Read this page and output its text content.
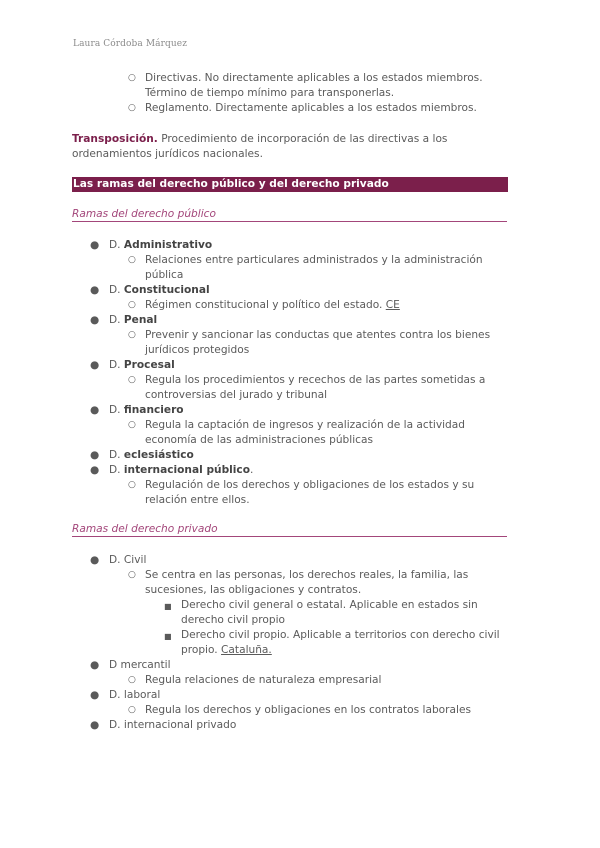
Laura Córdoba Márquez
○ Directivas. No directamente aplicables a los estados miembros.
Término de tiempo mínimo para transponerlas.
○ Reglamento. Directamente aplicables a los estados miembros.
Transposición. Procedimiento de incorporación de las directivas a los
ordenamientos jurídicos nacionales.
Las ramas del derecho público y del derecho privado
Ramas del derecho público
● D. Administrativo
○ Relaciones entre particulares administrados y la administración
pública
● D. Constitucional
○ Régimen constitucional y político del estado. CE
● D. Penal
○ Prevenir y sancionar las conductas que atentes contra los bienes
jurídicos protegidos
● D. Procesal
○ Regula los procedimientos y recechos de las partes sometidas a
controversias del jurado y tribunal
● D. financiero
○ Regula la captación de ingresos y realización de la actividad
economía de las administraciones públicas
● D. eclesiástico
● D. internacional público.
○ Regulación de los derechos y obligaciones de los estados y su
relación entre ellos.
Ramas del derecho privado
● D. Civil
○ Se centra en las personas, los derechos reales, la familia, las
sucesiones, las obligaciones y contratos.
■ Derecho civil general o estatal. Aplicable en estados sin
derecho civil propio
■ Derecho civil propio. Aplicable a territorios con derecho civil
propio. Cataluña.
● D mercantil
○ Regula relaciones de naturaleza empresarial
● D. laboral
○ Regula los derechos y obligaciones en los contratos laborales
● D. internacional privado
